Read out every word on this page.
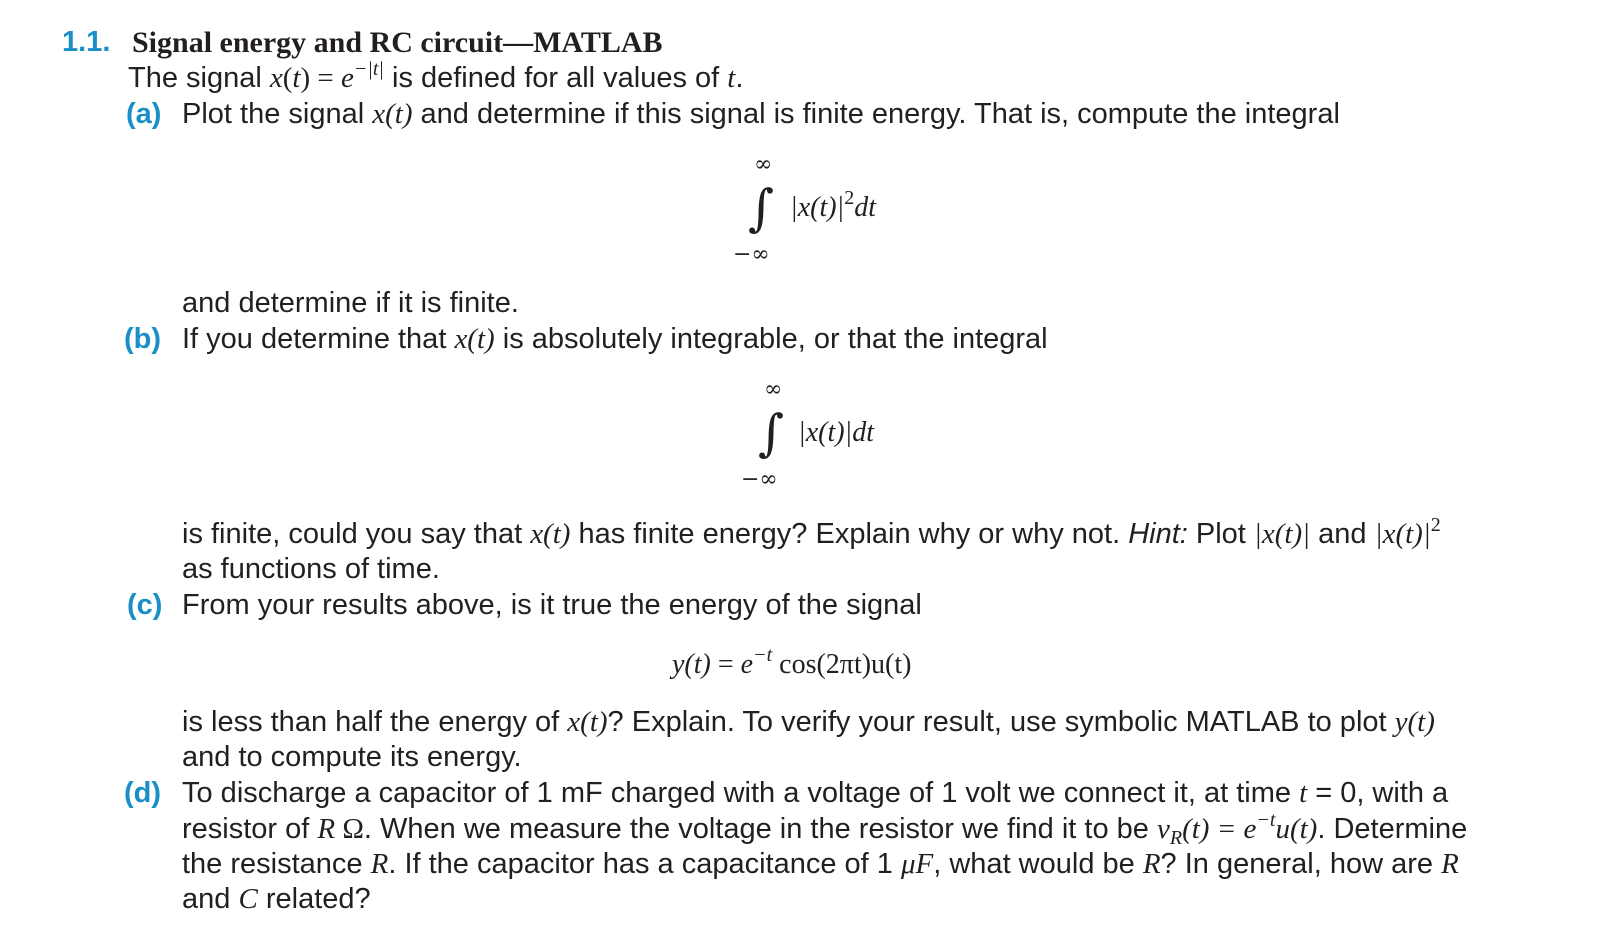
1.1. Signal energy and RC circuit—MATLAB
The signal $x(t) = e^{-|t|}$ is defined for all values of t.
(a) Plot the signal x(t) and determine if this signal is finite energy. That is, compute the integral
∞
∫
−∞
$|x(t)|^2dt$
and determine if it is finite.
(b) If you determine that x(t) is absolutely integrable, or that the integral
∞
∫
−∞
|x(t)|dt
is finite, could you say that x(t) has finite energy? Explain why or why not. Hint: Plot |x(t)| and $|x(t)|^2$
as functions of time.
(c) From your results above, is it true the energy of the signal
$y(t) = e^{-t}$ cos(2πt)u(t)
is less than half the energy of x(t)? Explain. To verify your result, use symbolic MATLAB to plot y(t)
and to compute its energy.
(d) To discharge a capacitor of 1 mF charged with a voltage of 1 volt we connect it, at time t = 0, with a
resistor of R Ω. When we measure the voltage in the resistor we find it to be $v_R(t) = e^{-t}u(t)$. Determine
the resistance R. If the capacitor has a capacitance of 1 μF, what would be R? In general, how are R
and C related?
